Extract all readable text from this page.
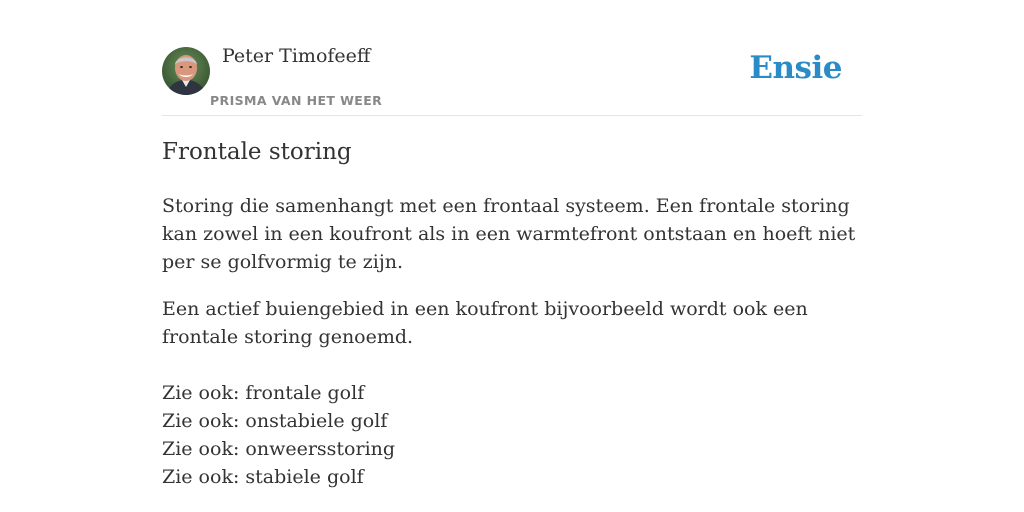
Peter Timofeeff
PRISMA VAN HET WEER
Ensie
Frontale storing

Storing die samenhangt met een frontaal systeem. Een frontale storing kan zowel in een koufront als in een warmtefront ontstaan en hoeft niet per se golfvormig te zijn.

Een actief buiengebied in een koufront bijvoorbeeld wordt ook een frontale storing genoemd.

Zie ook: frontale golf
Zie ook: onstabiele golf
Zie ook: onweersstoring
Zie ook: stabiele golf
